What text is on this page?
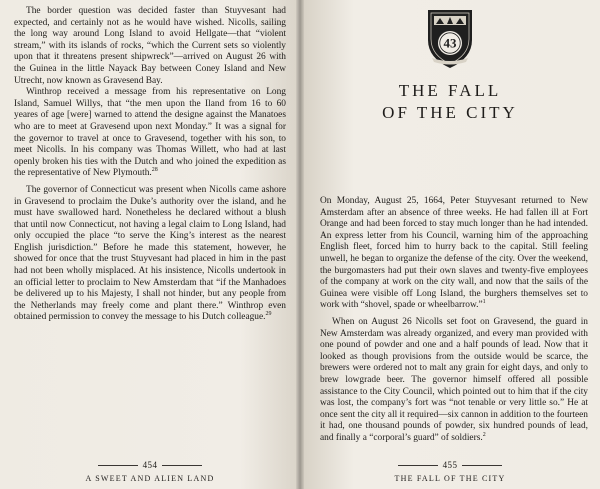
The border question was decided faster than Stuyvesant had expected, and certainly not as he would have wished. Nicolls, sailing the long way around Long Island to avoid Hellgate—that “violent stream,” with its islands of rocks, “which the Current sets so violently upon that it threatens present shipwreck”—arrived on August 26 with the Guinea in the little Nayack Bay between Coney Island and New Utrecht, now known as Gravesend Bay.

Winthrop received a message from his representative on Long Island, Samuel Willys, that “the men upon the Iland from 16 to 60 yeares of age [were] warned to attend the designe against the Manatoes who are to meet at Gravesend upon next Monday.” It was a signal for the governor to travel at once to Gravesend, together with his son, to meet Nicolls. In his company was Thomas Willett, who had at last openly broken his ties with the Dutch and who joined the expedition as the representative of New Plymouth.$^{28}$

The governor of Connecticut was present when Nicolls came ashore in Gravesend to proclaim the Duke’s authority over the island, and he must have swallowed hard. Nonetheless he declared without a blush that until now Connecticut, not having a legal claim to Long Island, had only occupied the place “to serve the King’s interest as the nearest English jurisdiction.” Before he made this statement, however, he showed for once that the trust Stuyvesant had placed in him in the past had not been wholly misplaced. At his insistence, Nicolls undertook in an official letter to proclaim to New Amsterdam that “if the Manhadoes be delivered up to his Majesty, I shall not hinder, but any people from the Netherlands may freely come and plant there.” Winthrop even obtained permission to convey the message to his Dutch colleague.$^{29}$

454
A SWEET AND ALIEN LAND
43
THE FALL
OF THE CITY

On Monday, August 25, 1664, Peter Stuyvesant returned to New Amsterdam after an absence of three weeks. He had fallen ill at Fort Orange and had been forced to stay much longer than he had intended. An express letter from his Council, warning him of the approaching English fleet, forced him to hurry back to the capital. Still feeling unwell, he began to organize the defense of the city. Over the weekend, the burgomasters had put their own slaves and twenty-five employees of the company at work on the city wall, and now that the sails of the Guinea were visible off Long Island, the burghers themselves set to work with “shovel, spade or wheelbarrow.”$^1$

When on August 26 Nicolls set foot on Gravesend, the guard in New Amsterdam was already organized, and every man provided with one pound of powder and one and a half pounds of lead. Now that it looked as though provisions from the outside would be scarce, the brewers were ordered not to malt any grain for eight days, and only to brew lowgrade beer. The governor himself offered all possible assistance to the City Council, which pointed out to him that if the city was lost, the company’s fort was “not tenable or very little so.” He at once sent the city all it required—six cannon in addition to the fourteen it had, one thousand pounds of powder, six hundred pounds of lead, and finally a “corporal’s guard” of soldiers.$^2$

455
THE FALL OF THE CITY
